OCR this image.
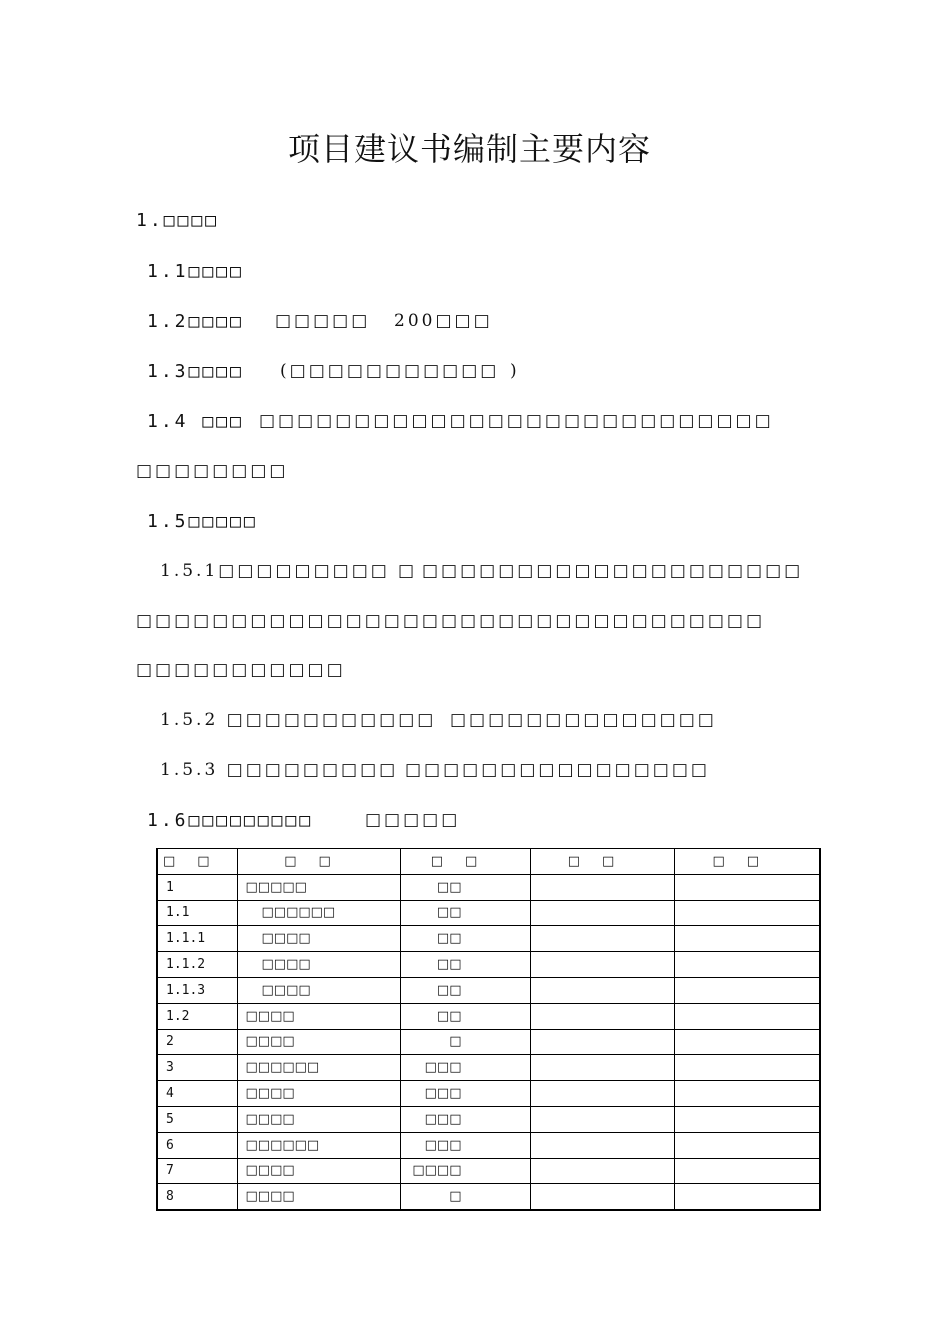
项目建议书编制主要内容
1.□□□□
1.1□□□□
1.2□□□□ □□□□□ 200□□□
1.3□□□□ (□□□□□□□□□□□ )
1.4 □□□ □□□□□□□□□□□□□□□□□□□□□□□□□□□
□□□□□□□□
1.5□□□□□
1.5.1□□□□□□□□□ □ □□□□□□□□□□□□□□□□□□□□
□□□□□□□□□□□□□□□□□□□□□□□□□□□□□□□□□
□□□□□□□□□□□
1.5.2 □□□□□□□□□□□ □□□□□□□□□□□□□□
1.5.3 □□□□□□□□□ □□□□□□□□□□□□□□□□
1.6□□□□□□□□□	□□□□□
□□	□□	□□	□□	□□
1	□□□□□	□□		
1.1	□□□□□□	□□		
1.1.1	□□□□	□□		
1.1.2	□□□□	□□		
1.1.3	□□□□	□□		
1.2	□□□□	□□		
2	□□□□	□		
3	□□□□□□	□□□		
4	□□□□	□□□		
5	□□□□	□□□		
6	□□□□□□	□□□		
7	□□□□	□□□□		
8	□□□□	□		
